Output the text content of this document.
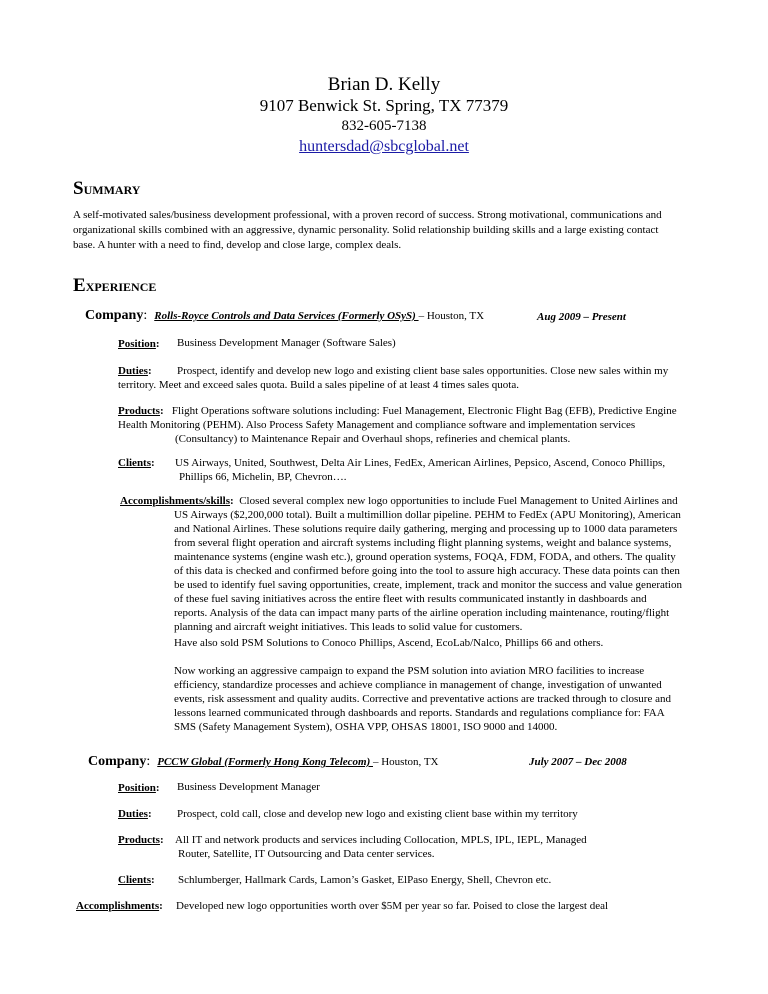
Brian D. Kelly
9107 Benwick St. Spring, TX 77379
832-605-7138
huntersdad@sbcglobal.net
SUMMARY
A self-motivated sales/business development professional, with a proven record of success. Strong motivational, communications and
organizational skills combined with an aggressive, dynamic personality. Solid relationship building skills and a large existing contact
base. A hunter with a need to find, develop and close large, complex deals.
EXPERIENCE
Company:  Rolls-Royce Controls and Data Services (Formerly OSyS) – Houston, TX	Aug 2009 – Present
Position: Business Development Manager (Software Sales)
Duties: Prospect, identify and develop new logo and existing client base sales opportunities. Close new sales within my
territory. Meet and exceed sales quota. Build a sales pipeline of at least 4 times sales quota.
Products: Flight Operations software solutions including: Fuel Management, Electronic Flight Bag (EFB), Predictive Engine
Health Monitoring (PEHM). Also Process Safety Management and compliance software and implementation services
(Consultancy) to Maintenance Repair and Overhaul shops, refineries and chemical plants.
Clients: US Airways, United, Southwest, Delta Air Lines, FedEx, American Airlines, Pepsico, Ascend, Conoco Phillips,
Phillips 66, Michelin, BP, Chevron….
Accomplishments/skills: Closed several complex new logo opportunities to include Fuel Management to United Airlines and
US Airways ($2,200,000 total). Built a multimillion dollar pipeline. PEHM to FedEx (APU Monitoring), American
and National Airlines. These solutions require daily gathering, merging and processing up to 1000 data parameters
from several flight operation and aircraft systems including flight planning systems, weight and balance systems,
maintenance systems (engine wash etc.), ground operation systems, FOQA, FDM, FODA, and others. The quality
of this data is checked and confirmed before going into the tool to assure high accuracy. These data points can then
be used to identify fuel saving opportunities, create, implement, track and monitor the success and value generation
of these fuel saving initiatives across the entire fleet with results communicated instantly in dashboards and
reports. Analysis of the data can impact many parts of the airline operation including maintenance, routing/flight
planning and aircraft weight initiatives. This leads to solid value for customers.
Have also sold PSM Solutions to Conoco Phillips, Ascend, EcoLab/Nalco, Phillips 66 and others.
Now working an aggressive campaign to expand the PSM solution into aviation MRO facilities to increase
efficiency, standardize processes and achieve compliance in management of change, investigation of unwanted
events, risk assessment and quality audits. Corrective and preventative actions are tracked through to closure and
lessons learned communicated through dashboards and reports. Standards and regulations compliance for: FAA
SMS (Safety Management System), OSHA VPP, OHSAS 18001, ISO 9000 and 14000.
Company:  PCCW Global (Formerly Hong Kong Telecom) – Houston, TX	July 2007 – Dec 2008
Position: Business Development Manager
Duties: Prospect, cold call, close and develop new logo and existing client base within my territory
Products: All IT and network products and services including Collocation, MPLS, IPL, IEPL, Managed
Router, Satellite, IT Outsourcing and Data center services.
Clients: Schlumberger, Hallmark Cards, Lamon’s Gasket, ElPaso Energy, Shell, Chevron etc.
Accomplishments: Developed new logo opportunities worth over $5M per year so far. Poised to close the largest deal
